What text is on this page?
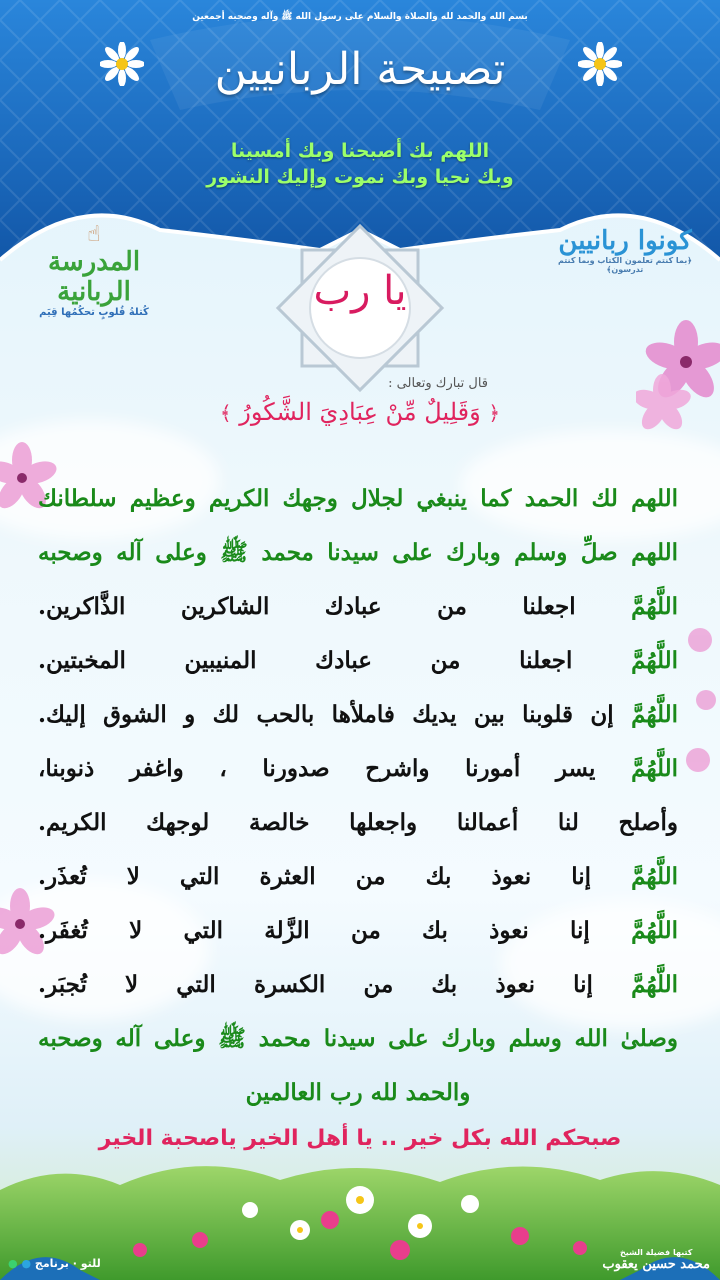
بسم الله والحمد لله والصلاة والسلام على رسول الله ﷺ وآله وصحبه أجمعين
تصبيحة الربانيين
اللهم بك أصبحنا وبك أمسينا
وبك نحيا وبك نموت وإليك النشور
☝
المدرسة الربانية
كُتلةُ قُلوبٍ تحكُمُها قِيَم
كونوا ربانيين
﴿بما كنتم تعلمون الكتاب وبما كنتم تدرسون﴾
يا رب
قال تبارك وتعالى :
﴿ وَقَلِيلٌ مِّنْ عِبَادِيَ الشَّكُورُ ﴾
اللهم لك الحمد كما ينبغي لجلال وجهك الكريم وعظيم سلطانك
اللهم صلِّ وسلم وبارك على سيدنا محمد ﷺ وعلى آله وصحبه
اللَّهُمَّ اجعلنا من عبادك الشاكرين الذَّاكرين.
اللَّهُمَّ اجعلنا من عبادك المنيبين المخبتين.
اللَّهُمَّ إن قلوبنا بين يديك فاملأها بالحب لك و الشوق إليك.
اللَّهُمَّ يسر أمورنا واشرح صدورنا ، واغفر ذنوبنا،
وأصلح لنا أعمالنا واجعلها خالصة لوجهك الكريم.
اللَّهُمَّ إنا نعوذ بك من العثرة التي لا تُعذَر.
اللَّهُمَّ إنا نعوذ بك من الزَّلة التي لا تُغفَر.
اللَّهُمَّ إنا نعوذ بك من الكسرة التي لا تُجبَر.
وصلىٰ الله وسلم وبارك على سيدنا محمد ﷺ وعلى آله وصحبه
والحمد لله رب العالمين
صبحكم الله بكل خير .. يا أهل الخير ياصحبة الخير
● ● للتو · برنامج
كتبها فضيلة الشيخ
محمد حسين يعقوب
